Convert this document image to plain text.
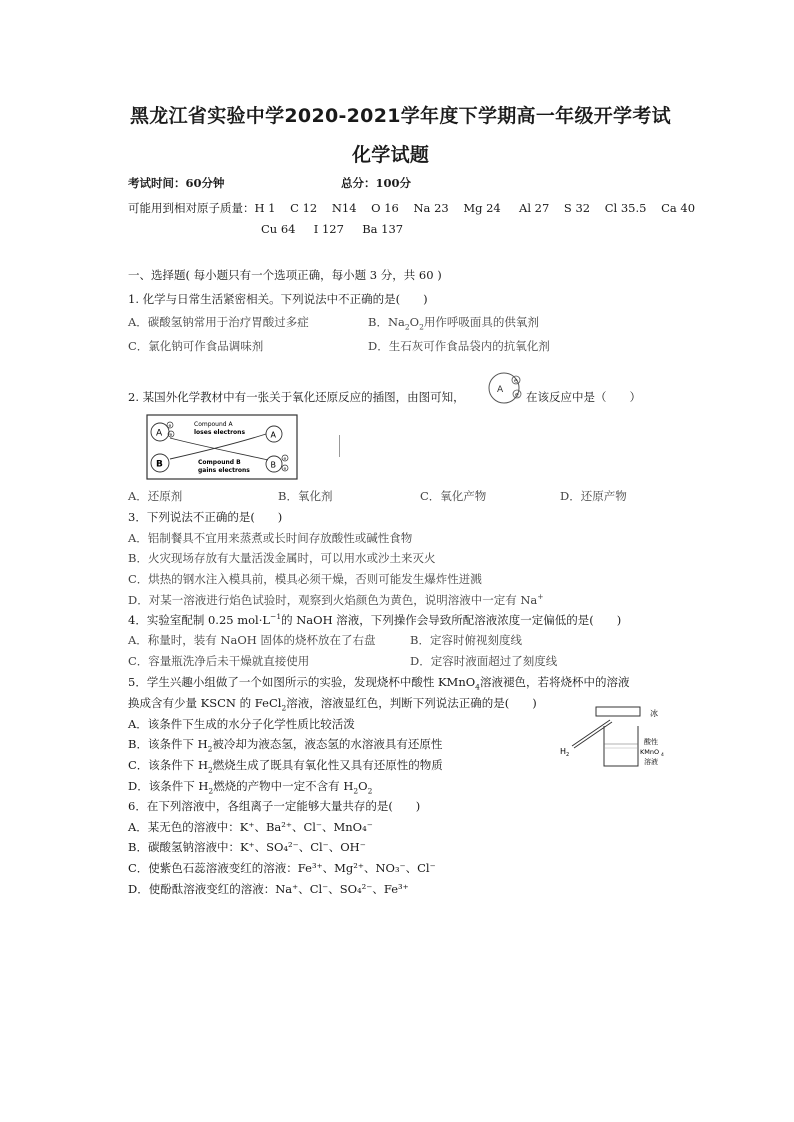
黑龙江省实验中学2020-2021学年度下学期高一年级开学考试
化学试题
考试时间：60分钟	总分：100分
可能用到相对原子质量：H 1    C 12    N14    O 16    Na 23    Mg 24     Al 27    S 32    Cl 35.5    Ca 40
Cu 64     I 127     Ba 137
一、选择题( 每小题只有一个选项正确，每小题 3 分，共 60 )
1. 化学与日常生活紧密相关。下列说法中不正确的是(　　)
A．碳酸氢钠常用于治疗胃酸过多症	B．$Na_2O_2$用作呼吸面具的供氧剂
C．氯化钠可作食品调味剂	D．生石灰可作食品袋内的抗氧化剂
2. 某国外化学教材中有一张关于氧化还原反应的插图，由图可知，	A
e
e 在该反应中是（　　）
A
e
e
B
Compound A
loses electrons
Compound B
gains electrons
A
B
e
e
A．还原剂	B．氧化剂	C．氧化产物	D．还原产物
3．下列说法不正确的是(　　)
A．铝制餐具不宜用来蒸煮或长时间存放酸性或碱性食物
B．火灾现场存放有大量活泼金属时，可以用水或沙土来灭火
C．烘热的钢水注入模具前，模具必须干燥，否则可能发生爆炸性迸溅
D．对某一溶液进行焰色试验时，观察到火焰颜色为黄色，说明溶液中一定有 Na+
4．实验室配制 0.25 $mol\cdot L^{-1}$的 NaOH 溶液，下列操作会导致所配溶液浓度一定偏低的是(　　)
A．称量时，装有 NaOH 固体的烧杯放在了右盘	B．定容时俯视刻度线
C．容量瓶洗净后未干燥就直接使用	D．定容时液面超过了刻度线
5．学生兴趣小组做了一个如图所示的实验，发现烧杯中酸性 KMnO$_4$溶液褪色，若将烧杯中的溶液
换成含有少量 KSCN 的 FeCl$_2$溶液，溶液显红色，判断下列说法正确的是(　　)
A．该条件下生成的水分子化学性质比较活泼
B．该条件下 $H_2$被冷却为液态氢，液态氢的水溶液具有还原性
C．该条件下 $H_2$燃烧生成了既具有氧化性又具有还原性的物质
D．该条件下 $H_2$燃烧的产物中一定不含有 $H_2O_2$
冰
H 2
酸性
KMnO 4
溶液
6．在下列溶液中，各组离子一定能够大量共存的是(　　)
A．某无色的溶液中：K⁺、Ba²⁺、Cl⁻、MnO₄⁻
B．碳酸氢钠溶液中：K⁺、SO₄²⁻、Cl⁻、OH⁻
C．使紫色石蕊溶液变红的溶液：Fe³⁺、Mg²⁺、NO₃⁻、Cl⁻
D．使酚酞溶液变红的溶液：Na⁺、Cl⁻、SO₄²⁻、Fe³⁺
